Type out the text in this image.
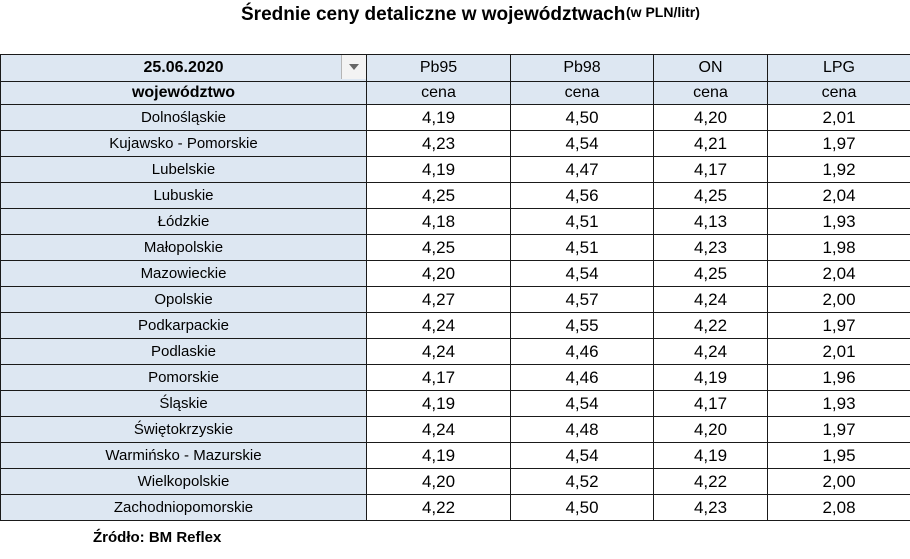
Średnie ceny detaliczne w województwach (w PLN/litr)
25.06.2020	Pb95	Pb98	ON	LPG
województwo	cena	cena	cena	cena
Dolnośląskie	4,19	4,50	4,20	2,01
Kujawsko - Pomorskie	4,23	4,54	4,21	1,97
Lubelskie	4,19	4,47	4,17	1,92
Lubuskie	4,25	4,56	4,25	2,04
Łódzkie	4,18	4,51	4,13	1,93
Małopolskie	4,25	4,51	4,23	1,98
Mazowieckie	4,20	4,54	4,25	2,04
Opolskie	4,27	4,57	4,24	2,00
Podkarpackie	4,24	4,55	4,22	1,97
Podlaskie	4,24	4,46	4,24	2,01
Pomorskie	4,17	4,46	4,19	1,96
Śląskie	4,19	4,54	4,17	1,93
Świętokrzyskie	4,24	4,48	4,20	1,97
Warmińsko - Mazurskie	4,19	4,54	4,19	1,95
Wielkopolskie	4,20	4,52	4,22	2,00
Zachodniopomorskie	4,22	4,50	4,23	2,08
Źródło: BM Reflex
